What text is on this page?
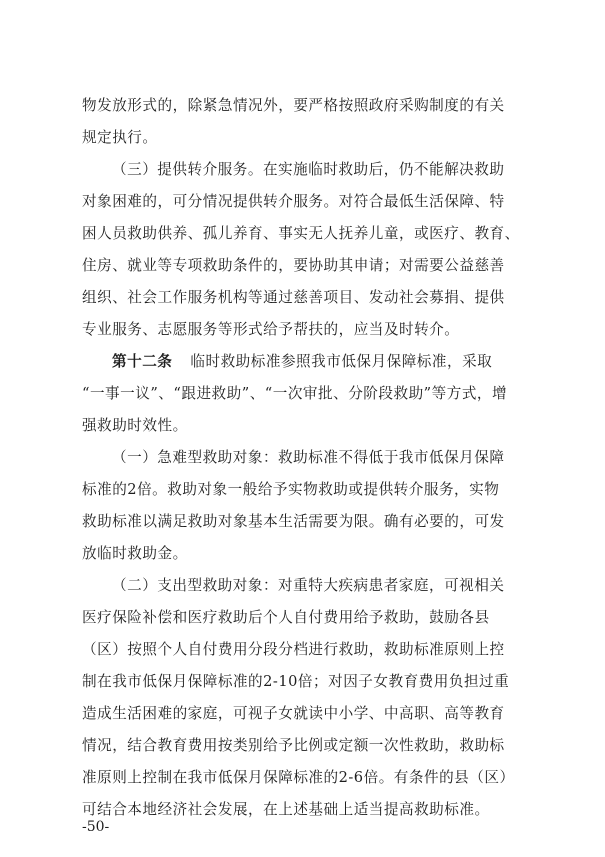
物发放形式的，除紧急情况外，要严格按照政府采购制度的有关
规定执行。
（三）提供转介服务。在实施临时救助后，仍不能解决救助
对象困难的，可分情况提供转介服务。对符合最低生活保障、特
困人员救助供养、孤儿养育、事实无人抚养儿童，或医疗、教育、
住房、就业等专项救助条件的，要协助其申请；对需要公益慈善
组织、社会工作服务机构等通过慈善项目、发动社会募捐、提供
专业服务、志愿服务等形式给予帮扶的，应当及时转介。
第十二条 临时救助标准参照我市低保月保障标准，采取
“一事一议”、“跟进救助”、“一次审批、分阶段救助”等方式，增
强救助时效性。
（一）急难型救助对象：救助标准不得低于我市低保月保障
标准的2倍。救助对象一般给予实物救助或提供转介服务，实物
救助标准以满足救助对象基本生活需要为限。确有必要的，可发
放临时救助金。
（二）支出型救助对象：对重特大疾病患者家庭，可视相关
医疗保险补偿和医疗救助后个人自付费用给予救助，鼓励各县
（区）按照个人自付费用分段分档进行救助，救助标准原则上控
制在我市低保月保障标准的2-10倍；对因子女教育费用负担过重
造成生活困难的家庭，可视子女就读中小学、中高职、高等教育
情况，结合教育费用按类别给予比例或定额一次性救助，救助标
准原则上控制在我市低保月保障标准的2-6倍。有条件的县（区）
-50-
可结合本地经济社会发展，在上述基础上适当提高救助标准。
